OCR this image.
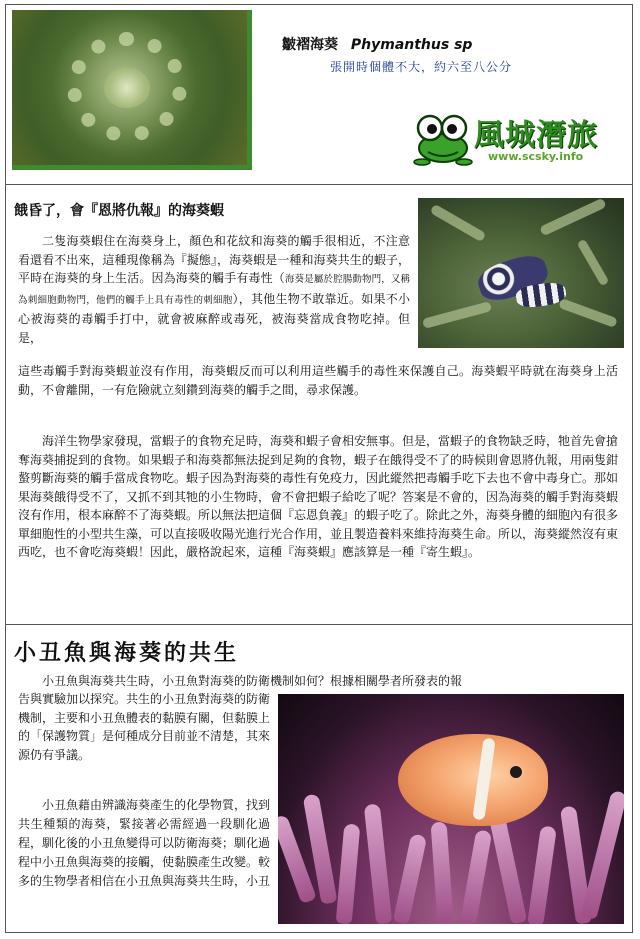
皺褶海葵 Phymanthus sp
張開時個體不大，約六至八公分
風城潛旅
www.scsky.info
餓昏了，會『恩將仇報』的海葵蝦
二隻海葵蝦住在海葵身上，顏色和花紋和海葵的觸手很相近，不注意看還看不出來，這種現像稱為『擬態』，海葵蝦是一種和海葵共生的蝦子，平時在海葵的身上生活。因為海葵的觸手有毒性（海葵是屬於腔腸動物門，又稱為刺細胞動物門，他們的觸手上具有毒性的刺細胞），其他生物不敢靠近。如果不小心被海葵的毒觸手打中，就會被麻醉或毒死，被海葵當成食物吃掉。但是，
這些毒觸手對海葵蝦並沒有作用，海葵蝦反而可以利用這些觸手的毒性來保護自己。海葵蝦平時就在海葵身上活動，不會離開，一有危險就立刻鑽到海葵的觸手之間，尋求保護。
海洋生物學家發現，當蝦子的食物充足時，海葵和蝦子會相安無事。但是，當蝦子的食物缺乏時，牠首先會搶奪海葵捕捉到的食物。如果蝦子和海葵都無法捉到足夠的食物，蝦子在餓得受不了的時候則會恩將仇報，用兩隻鉗螯剪斷海葵的觸手當成食物吃。蝦子因為對海葵的毒性有免疫力，因此縱然把毒觸手吃下去也不會中毒身亡。那如果海葵餓得受不了，又抓不到其牠的小生物時，會不會把蝦子給吃了呢？答案是不會的，因為海葵的觸手對海葵蝦沒有作用，根本麻醉不了海葵蝦。所以無法把這個『忘恩負義』的蝦子吃了。除此之外，海葵身體的細胞內有很多單細胞性的小型共生藻，可以直接吸收陽光進行光合作用，並且製造養料來維持海葵生命。所以，海葵縱然沒有東西吃，也不會吃海葵蝦！因此，嚴格說起來，這種『海葵蝦』應該算是一種『寄生蝦』。
小丑魚與海葵的共生
小丑魚與海葵共生時，小丑魚對海葵的防衛機制如何？根據相關學者所發表的報
告與實驗加以探究。共生的小丑魚對海葵的防衛機制，主要和小丑魚體表的黏膜有關，但黏膜上的「保護物質」是何種成分目前並不清楚，其來源仍有爭議。
小丑魚藉由辨識海葵產生的化學物質，找到共生種類的海葵，緊接著必需經過一段馴化過程，馴化後的小丑魚變得可以防衛海葵；馴化過程中小丑魚與海葵的接觸，使黏膜產生改變。較多的生物學者相信在小丑魚與海葵共生時，小丑
